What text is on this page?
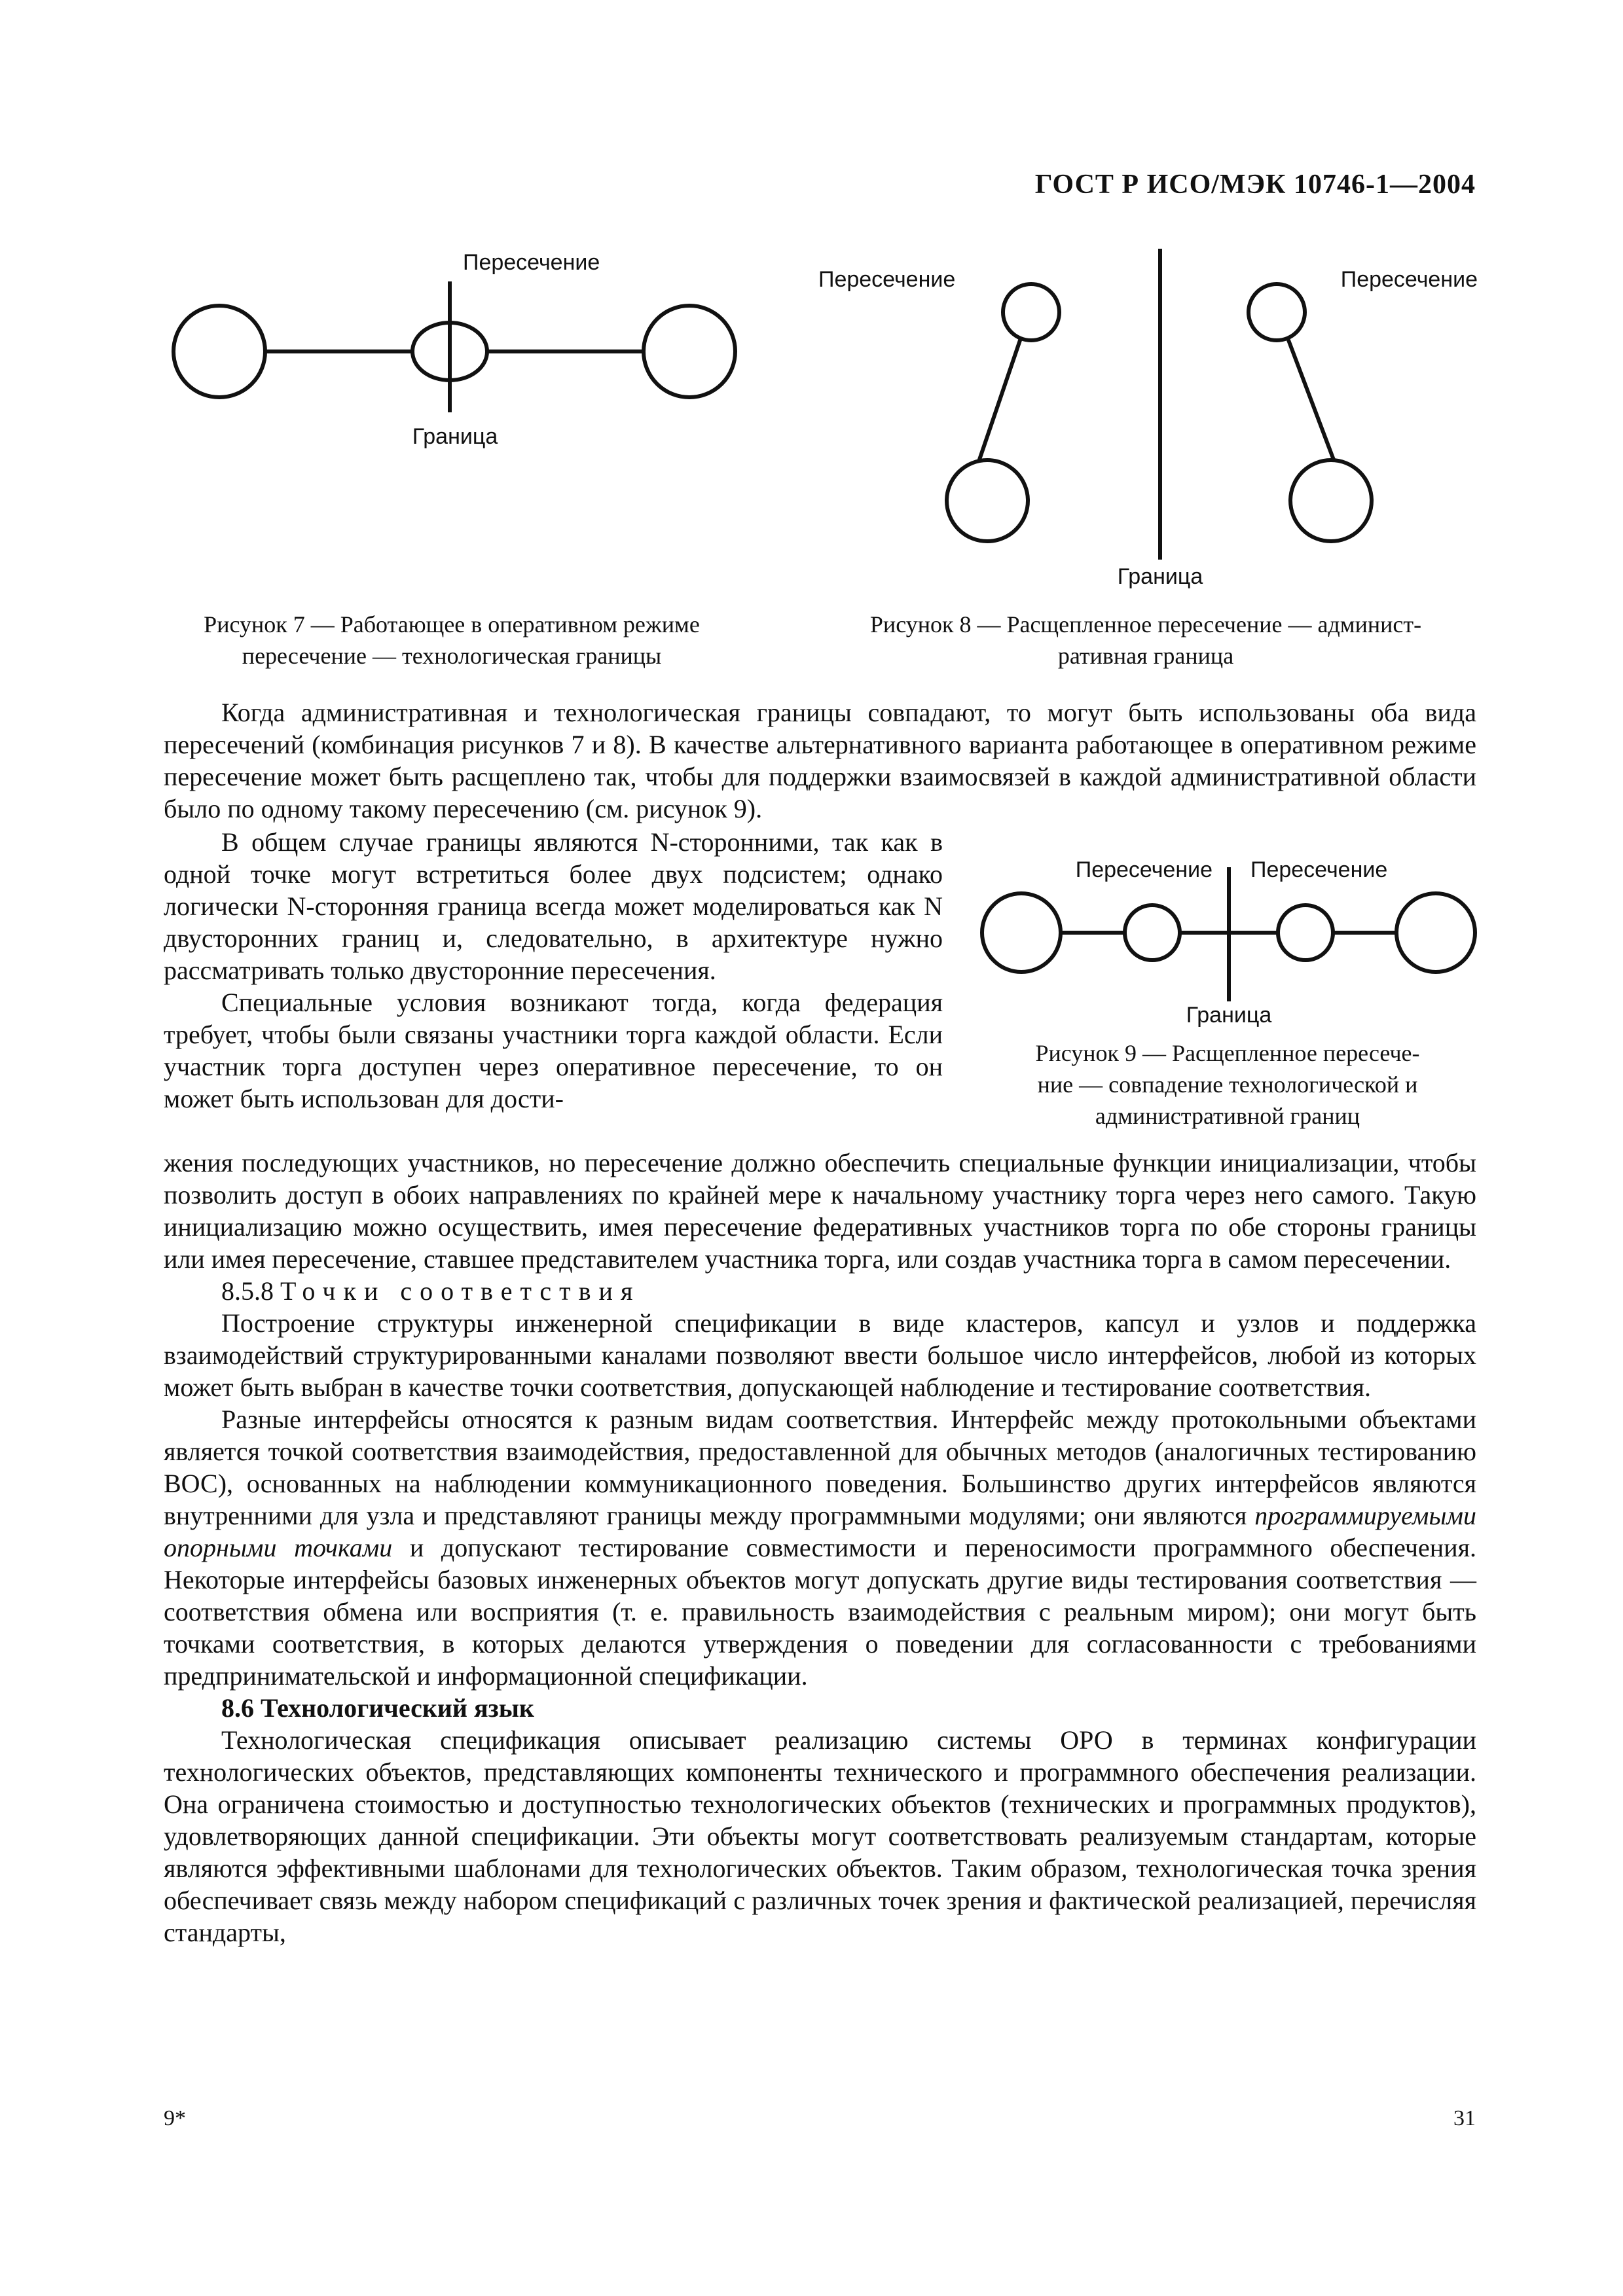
ГОСТ Р ИСО/МЭК 10746-1—2004
Пересечение
Граница
Пересечение	Пересечение
Граница
Рисунок 7 — Работающее в оперативном режиме
пересечение — технологическая границы
Рисунок 8 — Расщепленное пересечение — админист-
ративная граница

Когда административная и технологическая границы совпадают, то могут быть использованы оба вида пересечений (комбинация рисунков 7 и 8). В качестве альтернативного варианта работающее в оперативном режиме пересечение может быть расщеплено так, чтобы для поддержки взаимосвязей в каждой административной области было по одному такому пересечению (см. рисунок 9).

В общем случае границы являются N-сторонними, так как в одной точке могут встретиться более двух подсистем; однако логически N-сторонняя граница всегда может моделироваться как N двусторонних границ и, следовательно, в архитектуре нужно рассматривать только двусторонние пересечения.

Специальные условия возникают тогда, когда федерация требует, чтобы были связаны участники торга каждой области. Если участник торга доступен через оперативное пересечение, то он может быть использован для дости-

Пересечение Пересечение
Граница
Рисунок 9 — Расщепленное пересече-
ние — совпадение технологической и
административной границ

жения последующих участников, но пересечение должно обеспечить специальные функции инициализации, чтобы позволить доступ в обоих направлениях по крайней мере к начальному участнику торга через него самого. Такую инициализацию можно осуществить, имея пересечение федеративных участников торга по обе стороны границы или имея пересечение, ставшее представителем участника торга, или создав участника торга в самом пересечении.

8.5.8 Точки соответствия

Построение структуры инженерной спецификации в виде кластеров, капсул и узлов и поддержка взаимодействий структурированными каналами позволяют ввести большое число интерфейсов, любой из которых может быть выбран в качестве точки соответствия, допускающей наблюдение и тестирование соответствия.

Разные интерфейсы относятся к разным видам соответствия. Интерфейс между протокольными объектами является точкой соответствия взаимодействия, предоставленной для обычных методов (аналогичных тестированию ВОС), основанных на наблюдении коммуникационного поведения. Большинство других интерфейсов являются внутренними для узла и представляют границы между программными модулями; они являются программируемыми опорными точками и допускают тестирование совместимости и переносимости программного обеспечения. Некоторые интерфейсы базовых инженерных объектов могут допускать другие виды тестирования соответствия — соответствия обмена или восприятия (т. е. правильность взаимодействия с реальным миром); они могут быть точками соответствия, в которых делаются утверждения о поведении для согласованности с требованиями предпринимательской и информационной спецификации.

8.6 Технологический язык

Технологическая спецификация описывает реализацию системы ОРО в терминах конфигурации технологических объектов, представляющих компоненты технического и программного обеспечения реализации. Она ограничена стоимостью и доступностью технологических объектов (технических и программных продуктов), удовлетворяющих данной спецификации. Эти объекты могут соответствовать реализуемым стандартам, которые являются эффективными шаблонами для технологических объектов. Таким образом, технологическая точка зрения обеспечивает связь между набором спецификаций с различных точек зрения и фактической реализацией, перечисляя стандарты,

9*	31
